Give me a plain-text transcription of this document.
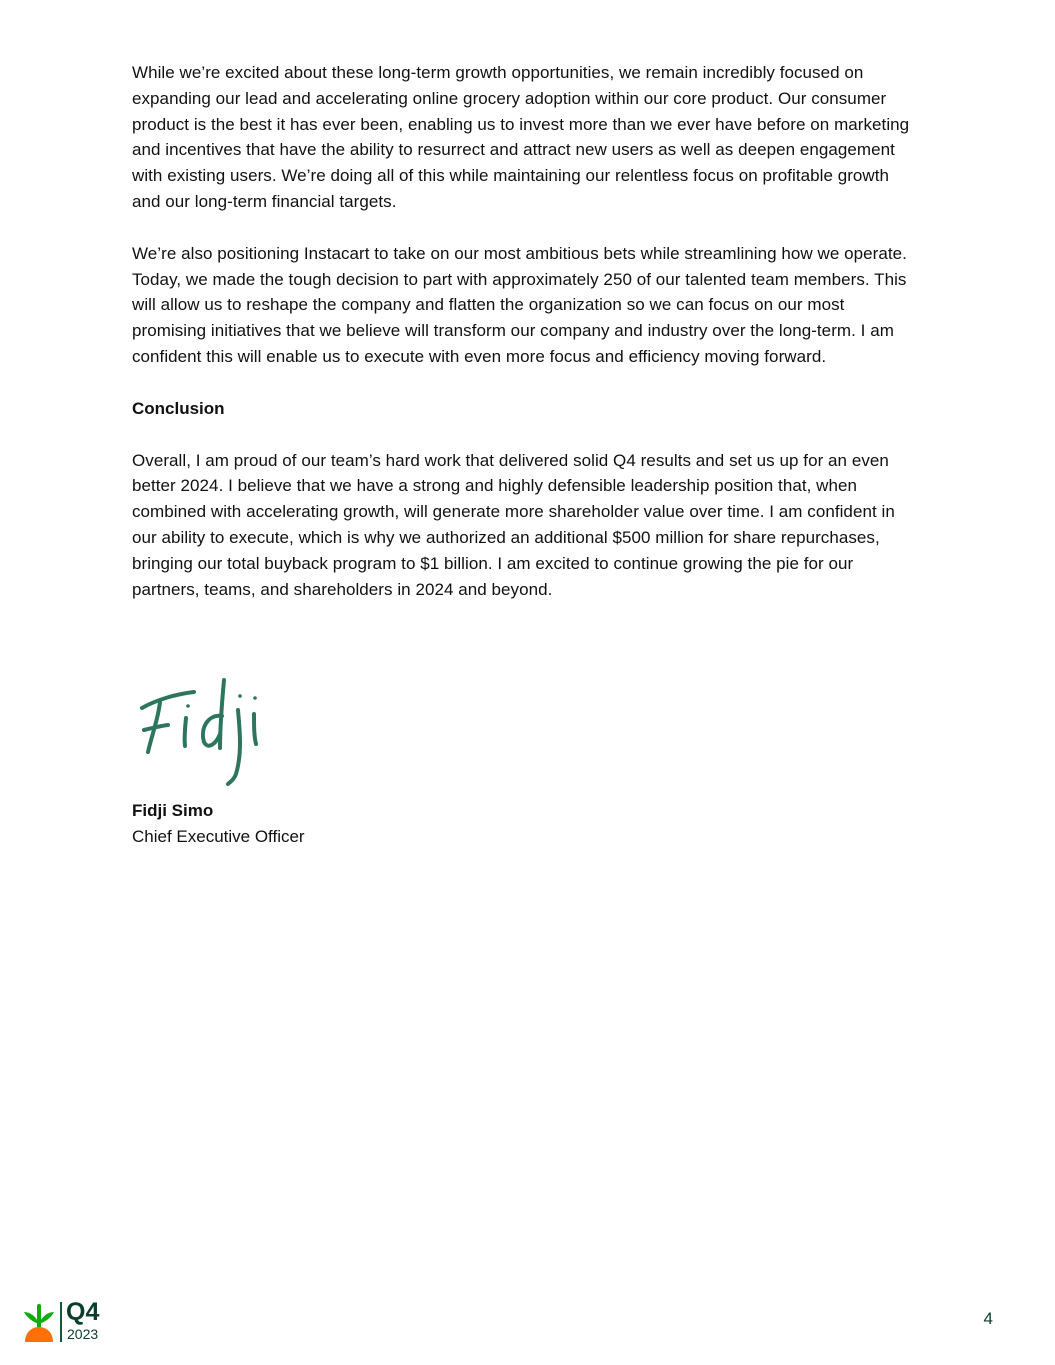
While we’re excited about these long-term growth opportunities, we remain incredibly focused on expanding our lead and accelerating online grocery adoption within our core product. Our consumer product is the best it has ever been, enabling us to invest more than we ever have before on marketing and incentives that have the ability to resurrect and attract new users as well as deepen engagement with existing users. We’re doing all of this while maintaining our relentless focus on profitable growth and our long-term financial targets.

We’re also positioning Instacart to take on our most ambitious bets while streamlining how we operate. Today, we made the tough decision to part with approximately 250 of our talented team members. This will allow us to reshape the company and flatten the organization so we can focus on our most promising initiatives that we believe will transform our company and industry over the long-term. I am confident this will enable us to execute with even more focus and efficiency moving forward.

Conclusion

Overall, I am proud of our team’s hard work that delivered solid Q4 results and set us up for an even better 2024. I believe that we have a strong and highly defensible leadership position that, when combined with accelerating growth, will generate more shareholder value over time. I am confident in our ability to execute, which is why we authorized an additional $500 million for share repurchases, bringing our total buyback program to $1 billion. I am excited to continue growing the pie for our partners, teams, and shareholders in 2024 and beyond.

Fidji Simo

Chief Executive Officer

Q4
2023
4
